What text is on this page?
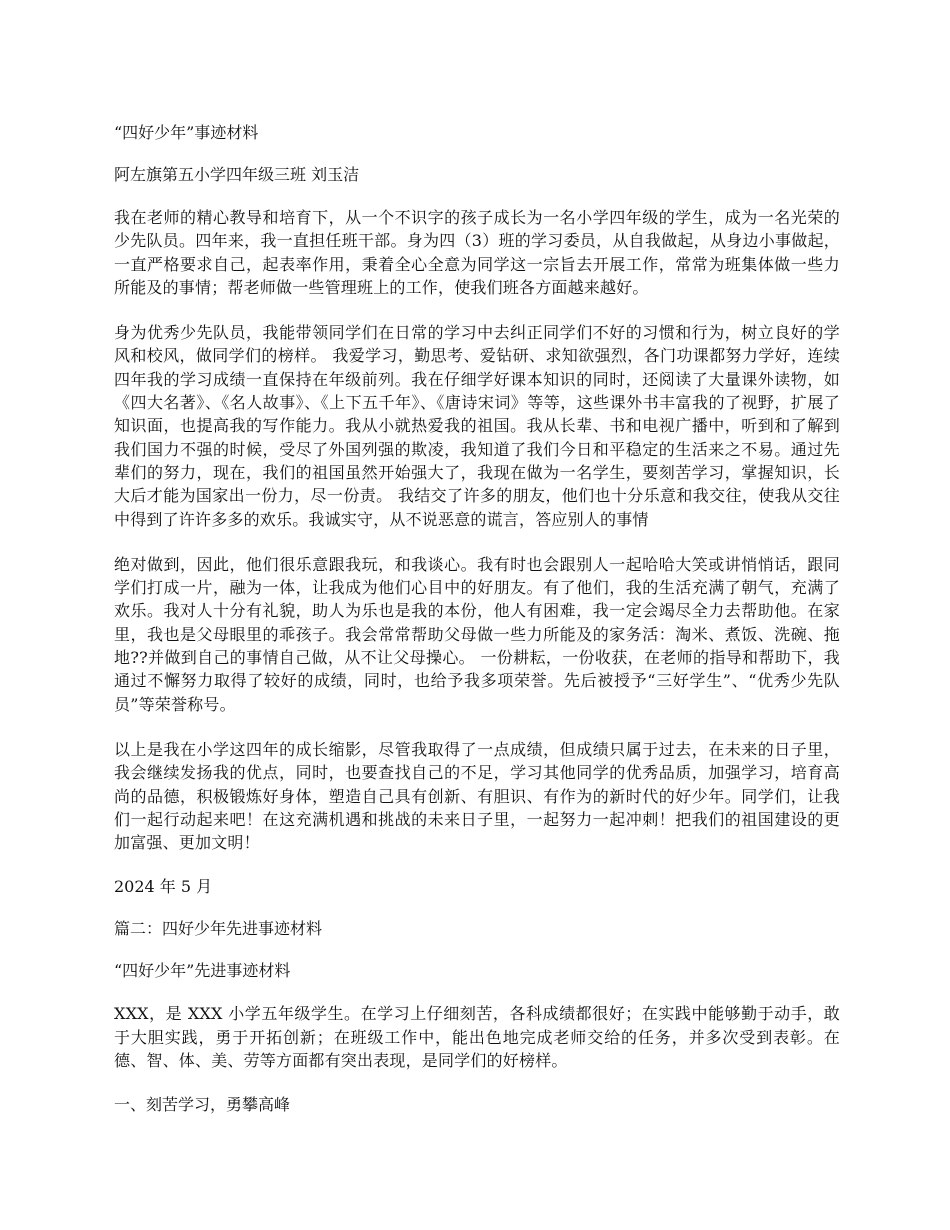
“四好少年”事迹材料

阿左旗第五小学四年级三班 刘玉洁

我在老师的精心教导和培育下，从一个不识字的孩子成长为一名小学四年级的学生，成为一名光荣的少先队员。四年来，我一直担任班干部。身为四（3）班的学习委员，从自我做起，从身边小事做起，一直严格要求自己，起表率作用，秉着全心全意为同学这一宗旨去开展工作，常常为班集体做一些力所能及的事情；帮老师做一些管理班上的工作，使我们班各方面越来越好。

身为优秀少先队员，我能带领同学们在日常的学习中去纠正同学们不好的习惯和行为，树立良好的学风和校风，做同学们的榜样。 我爱学习，勤思考、爱钻研、求知欲强烈，各门功课都努力学好，连续四年我的学习成绩一直保持在年级前列。我在仔细学好课本知识的同时，还阅读了大量课外读物，如《四大名著》、《名人故事》、《上下五千年》、《唐诗宋词》等等，这些课外书丰富我的了视野，扩展了知识面，也提高我的写作能力。我从小就热爱我的祖国。我从长辈、书和电视广播中，听到和了解到我们国力不强的时候，受尽了外国列强的欺凌，我知道了我们今日和平稳定的生活来之不易。通过先辈们的努力，现在，我们的祖国虽然开始强大了，我现在做为一名学生，要刻苦学习，掌握知识，长大后才能为国家出一份力，尽一份责。 我结交了许多的朋友，他们也十分乐意和我交往，使我从交往中得到了许许多多的欢乐。我诚实守，从不说恶意的谎言，答应别人的事情

绝对做到，因此，他们很乐意跟我玩，和我谈心。我有时也会跟别人一起哈哈大笑或讲悄悄话，跟同学们打成一片，融为一体，让我成为他们心目中的好朋友。有了他们，我的生活充满了朝气，充满了欢乐。我对人十分有礼貌，助人为乐也是我的本份，他人有困难，我一定会竭尽全力去帮助他。在家里，我也是父母眼里的乖孩子。我会常常帮助父母做一些力所能及的家务活：淘米、煮饭、洗碗、拖地??并做到自己的事情自己做，从不让父母操心。 一份耕耘，一份收获，在老师的指导和帮助下，我通过不懈努力取得了较好的成绩，同时，也给予我多项荣誉。先后被授予“三好学生”、“优秀少先队员”等荣誉称号。

以上是我在小学这四年的成长缩影，尽管我取得了一点成绩，但成绩只属于过去，在未来的日子里，我会继续发扬我的优点，同时，也要查找自己的不足，学习其他同学的优秀品质，加强学习，培育高尚的品德，积极锻炼好身体，塑造自己具有创新、有胆识、有作为的新时代的好少年。同学们，让我们一起行动起来吧！在这充满机遇和挑战的未来日子里，一起努力一起冲刺！把我们的祖国建设的更加富强、更加文明！

2024 年 5 月

篇二：四好少年先进事迹材料

“四好少年”先进事迹材料

XXX，是 XXX 小学五年级学生。在学习上仔细刻苦，各科成绩都很好；在实践中能够勤于动手，敢于大胆实践，勇于开拓创新；在班级工作中，能出色地完成老师交给的任务，并多次受到表彰。在德、智、体、美、劳等方面都有突出表现，是同学们的好榜样。

一、刻苦学习，勇攀高峰
